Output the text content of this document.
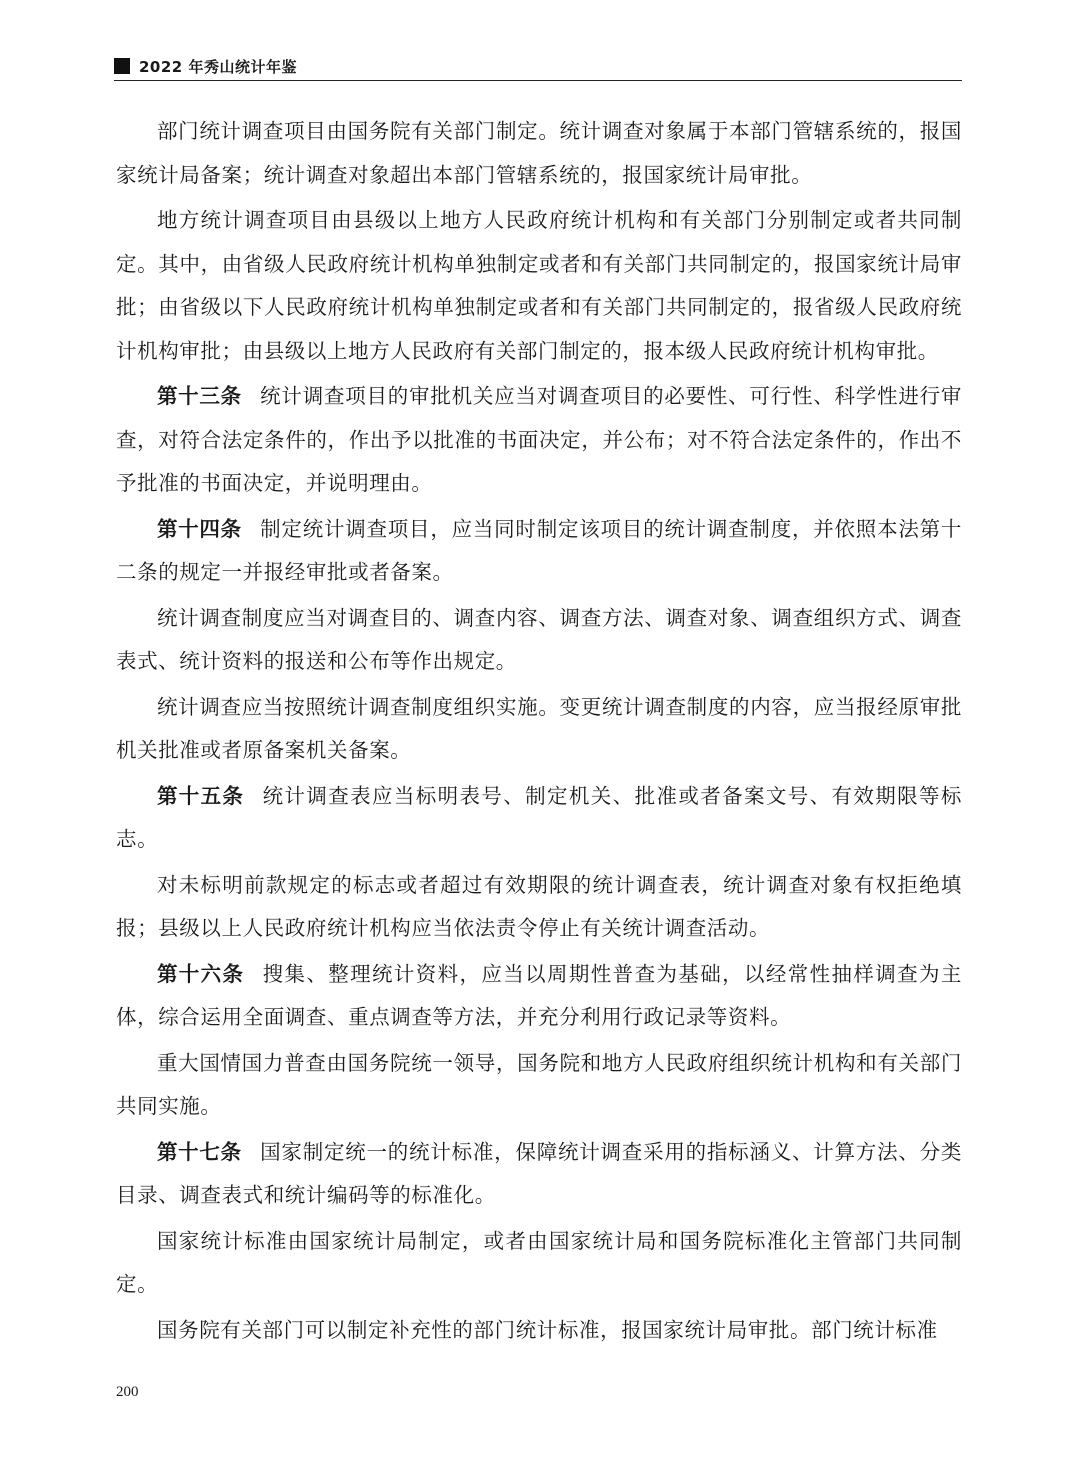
2022 年秀山统计年鉴

部门统计调查项目由国务院有关部门制定。统计调查对象属于本部门管辖系统的，报国家统计局备案；统计调查对象超出本部门管辖系统的，报国家统计局审批。

地方统计调查项目由县级以上地方人民政府统计机构和有关部门分别制定或者共同制定。其中，由省级人民政府统计机构单独制定或者和有关部门共同制定的，报国家统计局审批；由省级以下人民政府统计机构单独制定或者和有关部门共同制定的，报省级人民政府统计机构审批；由县级以上地方人民政府有关部门制定的，报本级人民政府统计机构审批。

第十三条 统计调查项目的审批机关应当对调查项目的必要性、可行性、科学性进行审查，对符合法定条件的，作出予以批准的书面决定，并公布；对不符合法定条件的，作出不予批准的书面决定，并说明理由。

第十四条 制定统计调查项目，应当同时制定该项目的统计调查制度，并依照本法第十二条的规定一并报经审批或者备案。

统计调查制度应当对调查目的、调查内容、调查方法、调查对象、调查组织方式、调查表式、统计资料的报送和公布等作出规定。

统计调查应当按照统计调查制度组织实施。变更统计调查制度的内容，应当报经原审批机关批准或者原备案机关备案。

第十五条 统计调查表应当标明表号、制定机关、批准或者备案文号、有效期限等标志。

对未标明前款规定的标志或者超过有效期限的统计调查表，统计调查对象有权拒绝填报；县级以上人民政府统计机构应当依法责令停止有关统计调查活动。

第十六条 搜集、整理统计资料，应当以周期性普查为基础，以经常性抽样调查为主体，综合运用全面调查、重点调查等方法，并充分利用行政记录等资料。

重大国情国力普查由国务院统一领导，国务院和地方人民政府组织统计机构和有关部门共同实施。

第十七条 国家制定统一的统计标准，保障统计调查采用的指标涵义、计算方法、分类目录、调查表式和统计编码等的标准化。

国家统计标准由国家统计局制定，或者由国家统计局和国务院标准化主管部门共同制定。

国务院有关部门可以制定补充性的部门统计标准，报国家统计局审批。部门统计标准

200
